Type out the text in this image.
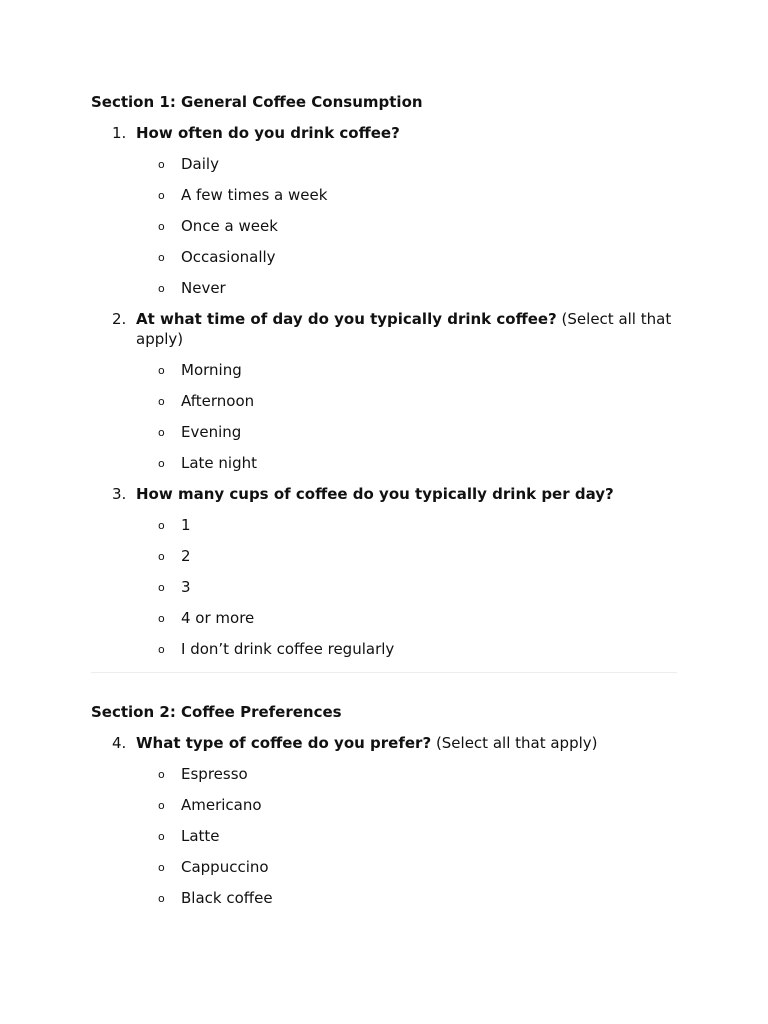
Section 1: General Coffee Consumption
1. How often do you drink coffee?
o Daily
o A few times a week
o Once a week
o Occasionally
o Never
2. At what time of day do you typically drink coffee? (Select all that apply)
o Morning
o Afternoon
o Evening
o Late night
3. How many cups of coffee do you typically drink per day?
o 1
o 2
o 3
o 4 or more
o I don’t drink coffee regularly
Section 2: Coffee Preferences
4. What type of coffee do you prefer? (Select all that apply)
o Espresso
o Americano
o Latte
o Cappuccino
o Black coffee
